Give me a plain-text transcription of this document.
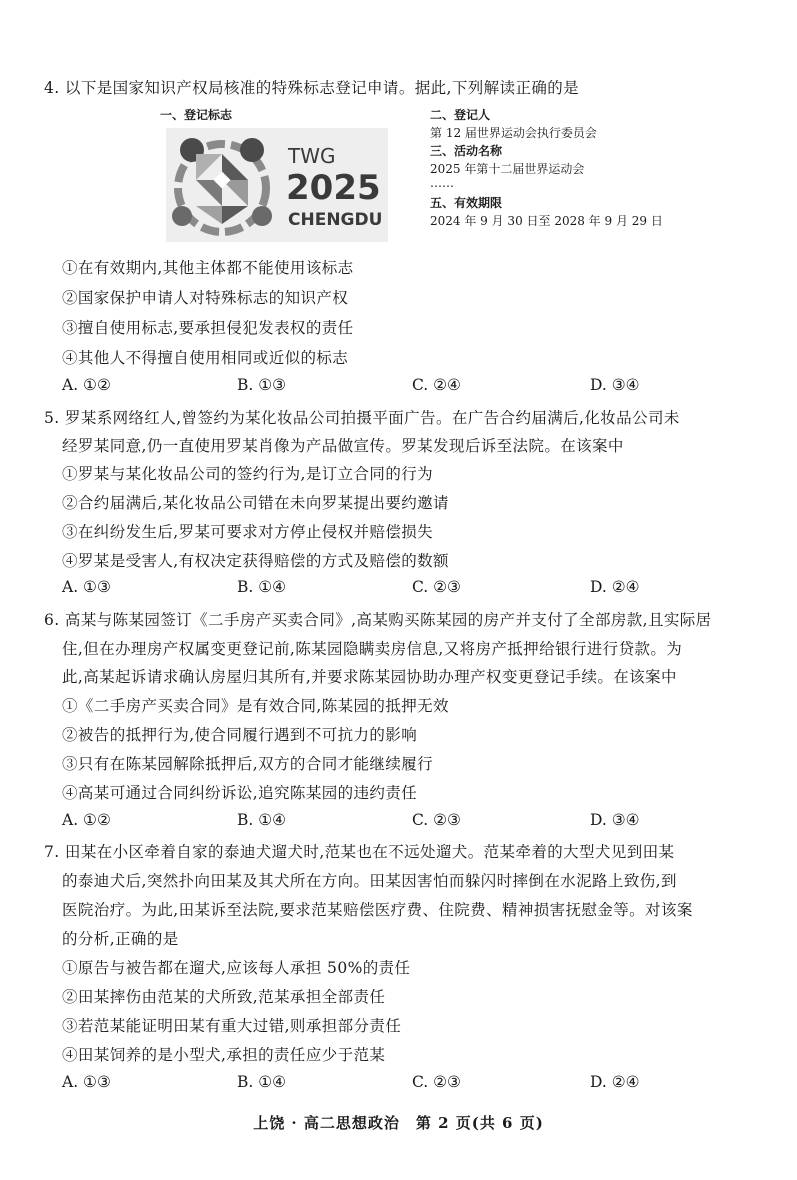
4. 以下是国家知识产权局核准的特殊标志登记申请。据此,下列解读正确的是
一、登记标志
TWG
2025
CHENGDU
二、登记人
第 12 届世界运动会执行委员会
三、活动名称
2025 年第十二届世界运动会
……
五、有效期限
2024 年 9 月 30 日至 2028 年 9 月 29 日
①在有效期内,其他主体都不能使用该标志
②国家保护申请人对特殊标志的知识产权
③擅自使用标志,要承担侵犯发表权的责任
④其他人不得擅自使用相同或近似的标志
A. ①②	B. ①③	C. ②④	D. ③④
5. 罗某系网络红人,曾签约为某化妆品公司拍摄平面广告。在广告合约届满后,化妆品公司未
经罗某同意,仍一直使用罗某肖像为产品做宣传。罗某发现后诉至法院。在该案中
①罗某与某化妆品公司的签约行为,是订立合同的行为
②合约届满后,某化妆品公司错在未向罗某提出要约邀请
③在纠纷发生后,罗某可要求对方停止侵权并赔偿损失
④罗某是受害人,有权决定获得赔偿的方式及赔偿的数额
A. ①③	B. ①④	C. ②③	D. ②④
6. 高某与陈某园签订《二手房产买卖合同》,高某购买陈某园的房产并支付了全部房款,且实际居
住,但在办理房产权属变更登记前,陈某园隐瞒卖房信息,又将房产抵押给银行进行贷款。为
此,高某起诉请求确认房屋归其所有,并要求陈某园协助办理产权变更登记手续。在该案中
①《二手房产买卖合同》是有效合同,陈某园的抵押无效
②被告的抵押行为,使合同履行遇到不可抗力的影响
③只有在陈某园解除抵押后,双方的合同才能继续履行
④高某可通过合同纠纷诉讼,追究陈某园的违约责任
A. ①②	B. ①④	C. ②③	D. ③④
7. 田某在小区牵着自家的泰迪犬遛犬时,范某也在不远处遛犬。范某牵着的大型犬见到田某
的泰迪犬后,突然扑向田某及其犬所在方向。田某因害怕而躲闪时摔倒在水泥路上致伤,到
医院治疗。为此,田某诉至法院,要求范某赔偿医疗费、住院费、精神损害抚慰金等。对该案
的分析,正确的是
①原告与被告都在遛犬,应该每人承担 50%的责任
②田某摔伤由范某的犬所致,范某承担全部责任
③若范某能证明田某有重大过错,则承担部分责任
④田某饲养的是小型犬,承担的责任应少于范某
A. ①③	B. ①④	C. ②③	D. ②④
上饶 · 高二思想政治　第 2 页(共 6 页)
